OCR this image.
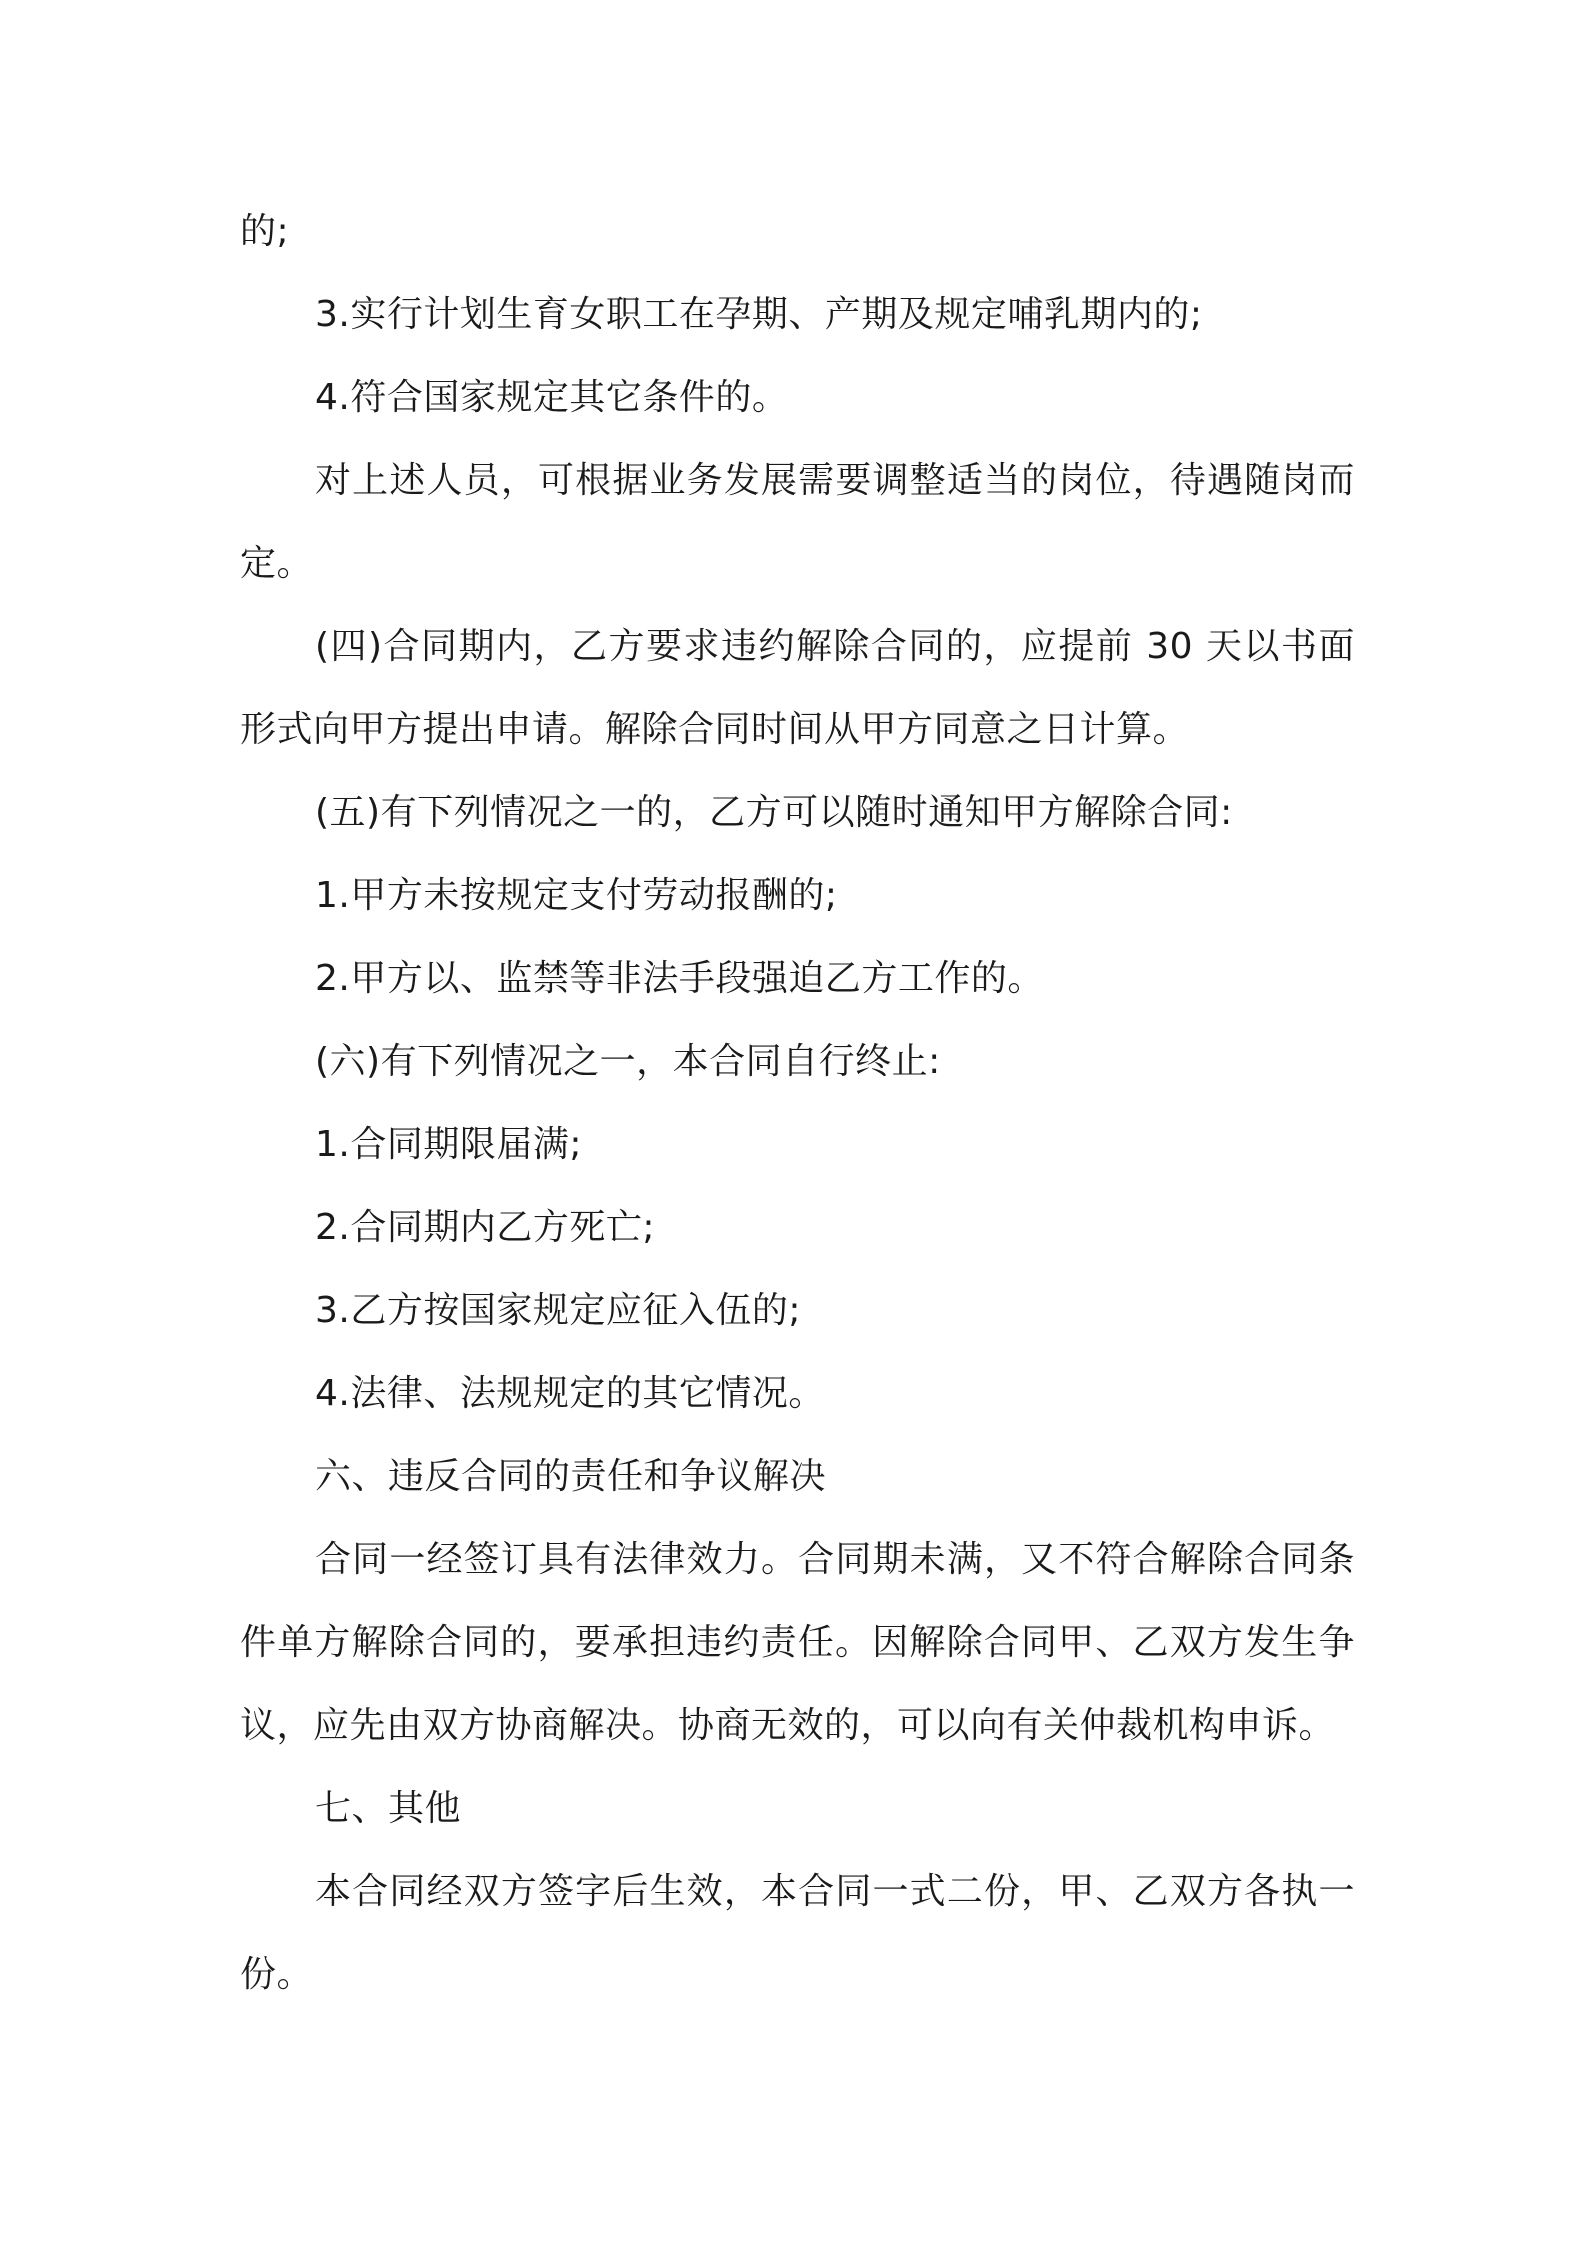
的;

3.实行计划生育女职工在孕期、产期及规定哺乳期内的;

4.符合国家规定其它条件的。

对上述人员，可根据业务发展需要调整适当的岗位，待遇随岗而定。

(四)合同期内，乙方要求违约解除合同的，应提前 30 天以书面形式向甲方提出申请。解除合同时间从甲方同意之日计算。

(五)有下列情况之一的，乙方可以随时通知甲方解除合同:

1.甲方未按规定支付劳动报酬的;

2.甲方以、监禁等非法手段强迫乙方工作的。

(六)有下列情况之一，本合同自行终止:

1.合同期限届满;

2.合同期内乙方死亡;

3.乙方按国家规定应征入伍的;

4.法律、法规规定的其它情况。

六、违反合同的责任和争议解决

合同一经签订具有法律效力。合同期未满，又不符合解除合同条件单方解除合同的，要承担违约责任。因解除合同甲、乙双方发生争议，应先由双方协商解决。协商无效的，可以向有关仲裁机构申诉。

七、其他

本合同经双方签字后生效，本合同一式二份，甲、乙双方各执一份。
